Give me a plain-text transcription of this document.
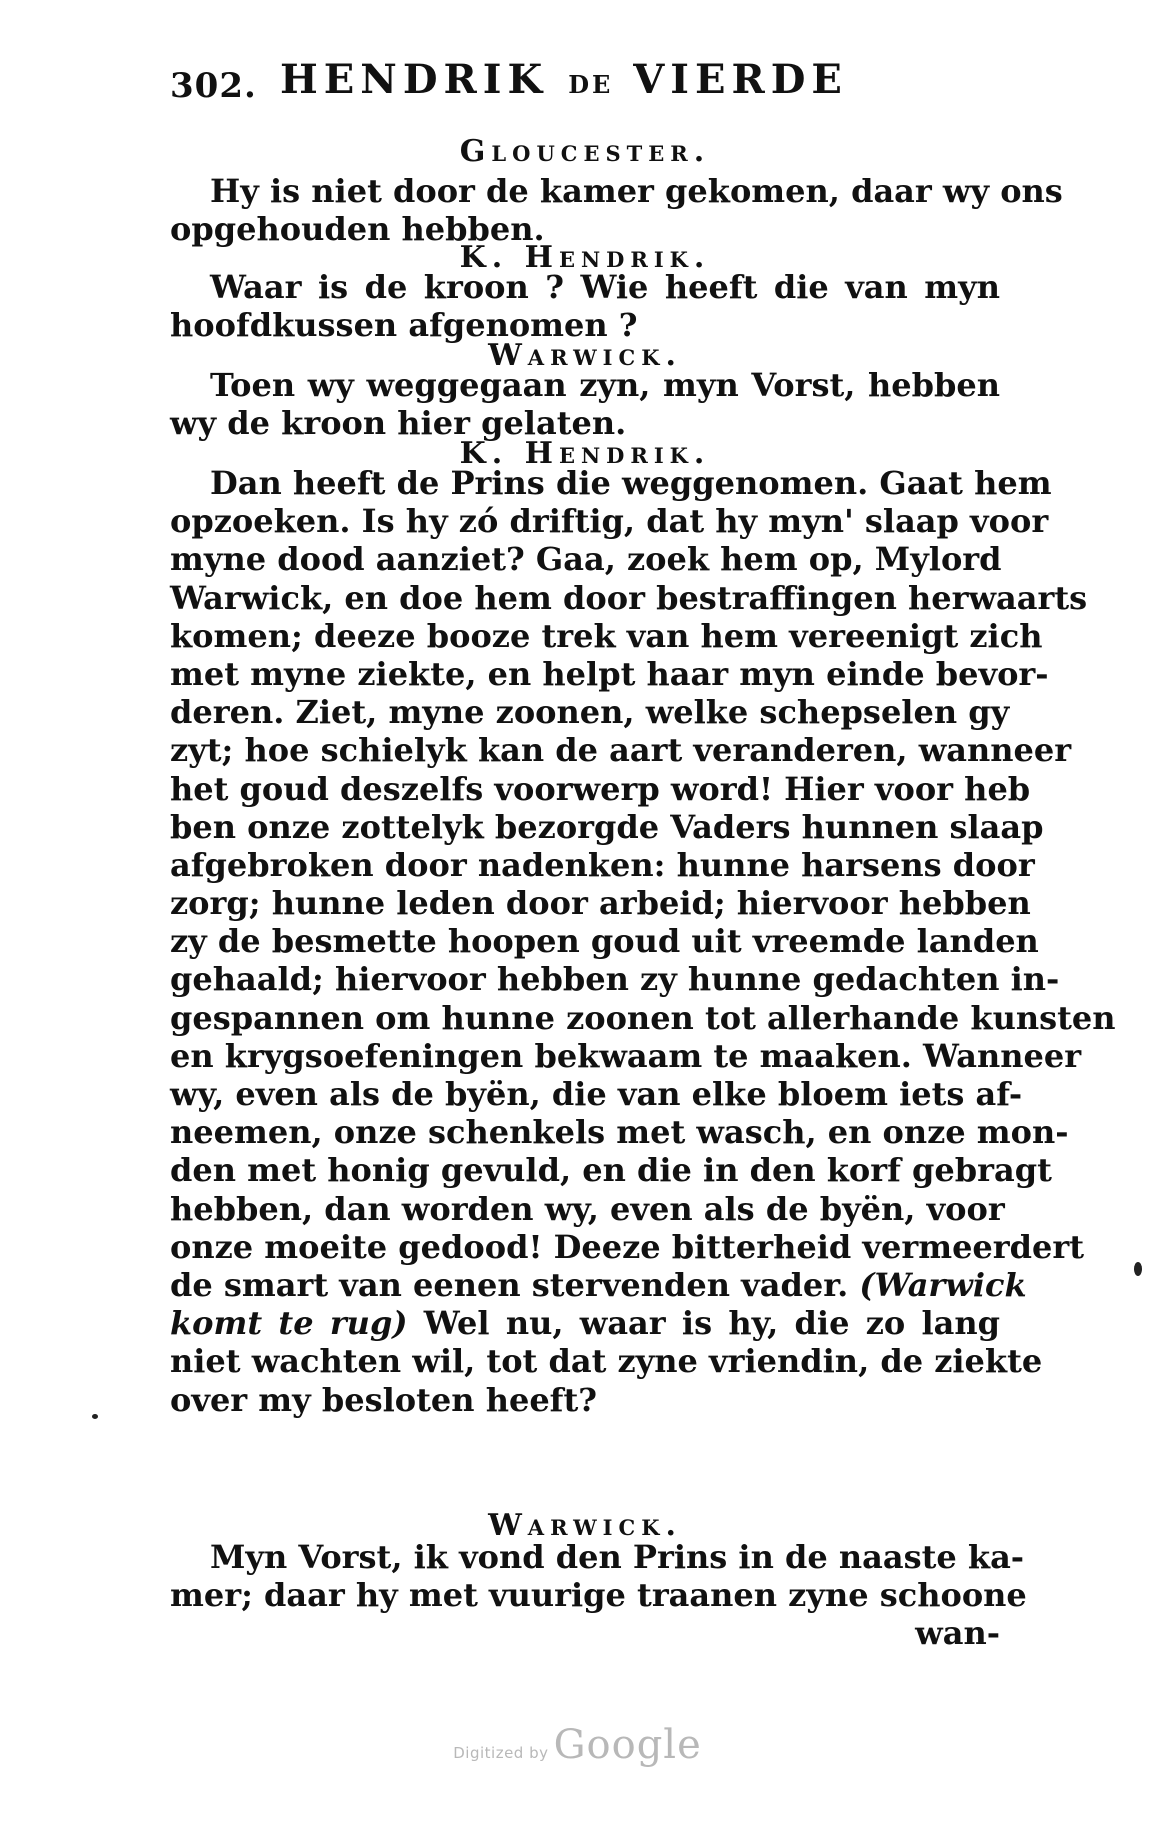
302. HENDRIK DE VIERDE
Gloucester.
Hy is niet door de kamer gekomen, daar wy ons
opgehouden hebben.
K. Hendrik.
Waar is de kroon ? Wie heeft die van myn
hoofdkussen afgenomen ?
Warwick.
Toen wy weggegaan zyn, myn Vorst, hebben
wy de kroon hier gelaten.
K. Hendrik.
Dan heeft de Prins die weggenomen. Gaat hem
opzoeken. Is hy zó driftig, dat hy myn' slaap voor
myne dood aanziet? Gaa, zoek hem op, Mylord
Warwick, en doe hem door bestraffingen herwaarts
komen; deeze booze trek van hem vereenigt zich
met myne ziekte, en helpt haar myn einde bevor-
deren. Ziet, myne zoonen, welke schepselen gy
zyt; hoe schielyk kan de aart veranderen, wanneer
het goud deszelfs voorwerp word! Hier voor heb
ben onze zottelyk bezorgde Vaders hunnen slaap
afgebroken door nadenken: hunne harsens door
zorg; hunne leden door arbeid; hiervoor hebben
zy de besmette hoopen goud uit vreemde landen
gehaald; hiervoor hebben zy hunne gedachten in-
gespannen om hunne zoonen tot allerhande kunsten
en krygsoefeningen bekwaam te maaken. Wanneer
wy, even als de byën, die van elke bloem iets af-
neemen, onze schenkels met wasch, en onze mon-
den met honig gevuld, en die in den korf gebragt
hebben, dan worden wy, even als de byën, voor
onze moeite gedood! Deeze bitterheid vermeerdert
de smart van eenen stervenden vader. (Warwick
komt te rug) Wel nu, waar is hy, die zo lang
niet wachten wil, tot dat zyne vriendin, de ziekte
over my besloten heeft?
Warwick.
Myn Vorst, ik vond den Prins in de naaste ka-
mer; daar hy met vuurige traanen zyne schoone
wan-
Digitized by Google
